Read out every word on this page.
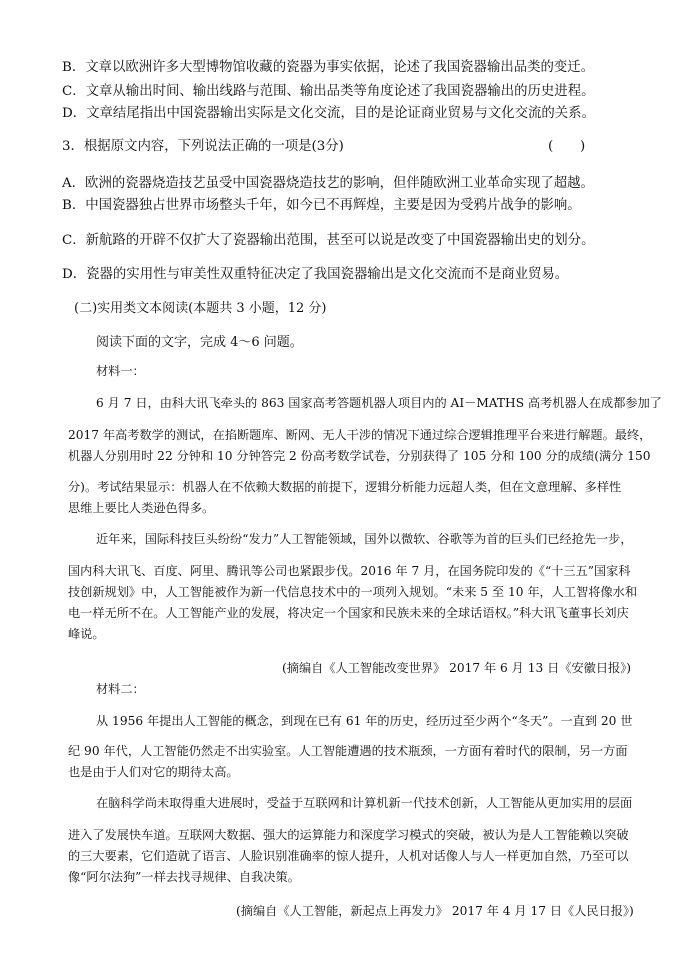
B．文章以欧洲许多大型博物馆收藏的瓷器为事实依据，论述了我国瓷器输出品类的变迁。
C．文章从输出时间、输出线路与范围、输出品类等角度论述了我国瓷器输出的历史进程。
D．文章结尾指出中国瓷器输出实际是文化交流，目的是论证商业贸易与文化交流的关系。
3．根据原文内容，下列说法正确的一项是(3分)	(　　)
A．欧洲的瓷器烧造技艺虽受中国瓷器烧造技艺的影响，但伴随欧洲工业革命实现了超越。
B．中国瓷器独占世界市场整头千年，如今已不再辉煌，主要是因为受鸦片战争的影响。
C．新航路的开辟不仅扩大了瓷器输出范围，甚至可以说是改变了中国瓷器输出史的划分。
D．瓷器的实用性与审美性双重特征决定了我国瓷器输出是文化交流而不是商业贸易。
(二)实用类文本阅读(本题共 3 小题，12 分)
阅读下面的文字，完成 4～6 问题。
材料一：
6 月 7 日，由科大讯飞牵头的 863 国家高考答题机器人项目内的 AI－MATHS 高考机器人在成都参加了
2017 年高考数学的测试，在掐断题库、断网、无人干涉的情况下通过综合逻辑推理平台来进行解题。最终，
机器人分别用时 22 分钟和 10 分钟答完 2 份高考数学试卷，分别获得了 105 分和 100 分的成绩(满分 150
分)。考试结果显示：机器人在不依赖大数据的前提下，逻辑分析能力远超人类，但在文意理解、多样性
思维上要比人类逊色得多。
近年来，国际科技巨头纷纷“发力”人工智能领域，国外以微软、谷歌等为首的巨头们已经抢先一步，
国内科大讯飞、百度、阿里、腾讯等公司也紧跟步伐。2016 年 7 月，在国务院印发的《“十三五”国家科
技创新规划》中，人工智能被作为新一代信息技术中的一项列入规划。“未来 5 至 10 年，人工智将像水和
电一样无所不在。人工智能产业的发展，将决定一个国家和民族未来的全球话语权。”科大讯飞董事长刘庆
峰说。
(摘编自《人工智能改变世界》 2017 年 6 月 13 日《安徽日报》)
材料二：
从 1956 年提出人工智能的概念，到现在已有 61 年的历史，经历过至少两个“冬天”。一直到 20 世
纪 90 年代，人工智能仍然走不出实验室。人工智能遭遇的技术瓶颈，一方面有着时代的限制，另一方面
也是由于人们对它的期待太高。
在脑科学尚未取得重大进展时，受益于互联网和计算机新一代技术创新，人工智能从更加实用的层面
进入了发展快车道。互联网大数据、强大的运算能力和深度学习模式的突破，被认为是人工智能赖以突破
的三大要素，它们造就了语言、人脸识别准确率的惊人提升，人机对话像人与人一样更加自然，乃至可以
像“阿尔法狗”一样去找寻规律、自我决策。
(摘编自《人工智能，新起点上再发力》 2017 年 4 月 17 日《人民日报》)
